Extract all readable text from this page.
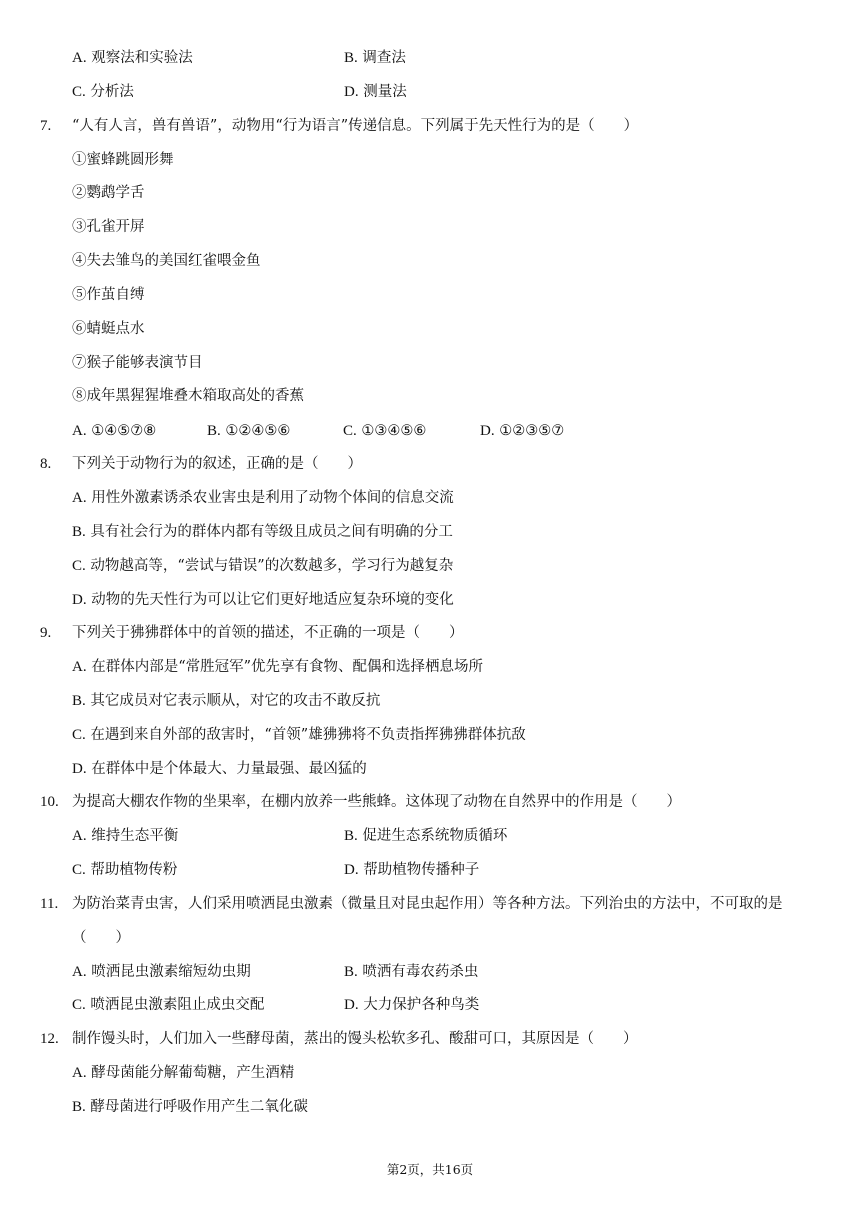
A. 观察法和实验法	B. 调查法
C. 分析法	D. 测量法
7. “人有人言，兽有兽语”，动物用“行为语言”传递信息。下列属于先天性行为的是（　　）
①蜜蜂跳圆形舞
②鹦鹉学舌
③孔雀开屏
④失去雏鸟的美国红雀喂金鱼
⑤作茧自缚
⑥蜻蜓点水
⑦猴子能够表演节目
⑧成年黑猩猩堆叠木箱取高处的香蕉
A. ①④⑤⑦⑧	B. ①②④⑤⑥	C. ①③④⑤⑥	D. ①②③⑤⑦
8. 下列关于动物行为的叙述，正确的是（　　）
A. 用性外激素诱杀农业害虫是利用了动物个体间的信息交流
B. 具有社会行为的群体内都有等级且成员之间有明确的分工
C. 动物越高等，“尝试与错误”的次数越多，学习行为越复杂
D. 动物的先天性行为可以让它们更好地适应复杂环境的变化
9. 下列关于狒狒群体中的首领的描述，不正确的一项是（　　）
A. 在群体内部是“常胜冠军”优先享有食物、配偶和选择栖息场所
B. 其它成员对它表示顺从，对它的攻击不敢反抗
C. 在遇到来自外部的敌害时，“首领”雄狒狒将不负责指挥狒狒群体抗敌
D. 在群体中是个体最大、力量最强、最凶猛的
10. 为提高大棚农作物的坐果率，在棚内放养一些熊蜂。这体现了动物在自然界中的作用是（　　）
A. 维持生态平衡	B. 促进生态系统物质循环
C. 帮助植物传粉	D. 帮助植物传播种子
11. 为防治菜青虫害，人们采用喷洒昆虫激素（微量且对昆虫起作用）等各种方法。下列治虫的方法中，不可取的是
（　　）
A. 喷洒昆虫激素缩短幼虫期	B. 喷洒有毒农药杀虫
C. 喷洒昆虫激素阻止成虫交配	D. 大力保护各种鸟类
12. 制作馒头时，人们加入一些酵母菌，蒸出的馒头松软多孔、酸甜可口，其原因是（　　）
A. 酵母菌能分解葡萄糖，产生酒精
B. 酵母菌进行呼吸作用产生二氧化碳
第2页，共16页
